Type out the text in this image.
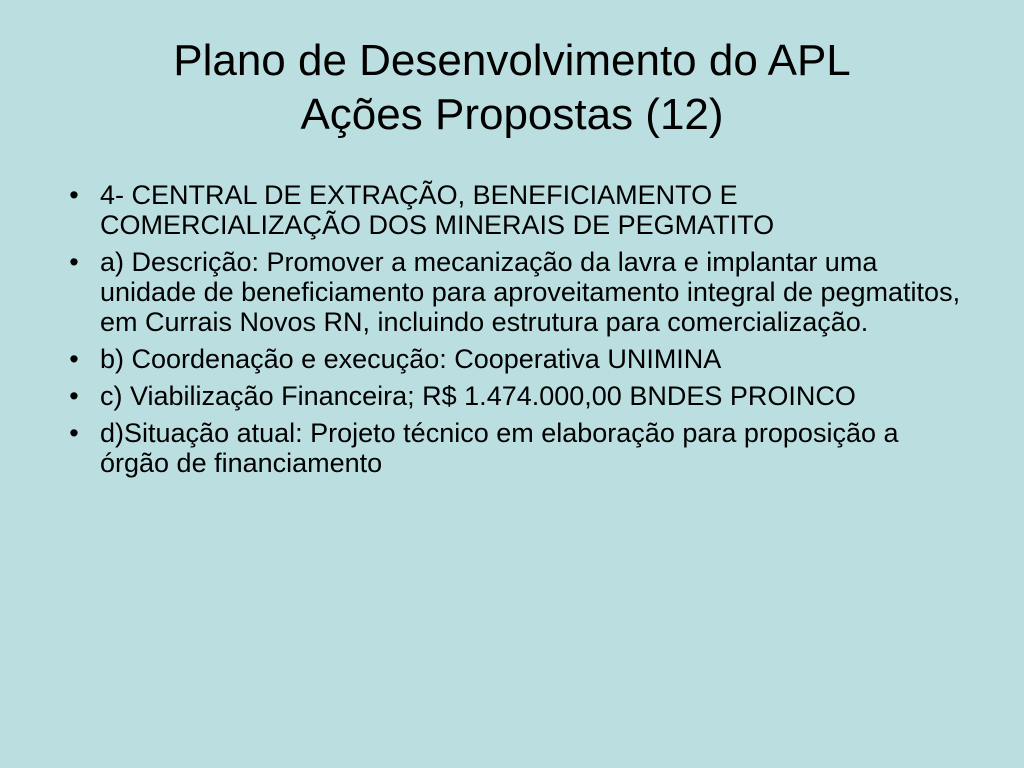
Plano de Desenvolvimento do APL
Ações Propostas (12)
• 4- CENTRAL DE EXTRAÇÃO, BENEFICIAMENTO E COMERCIALIZAÇÃO DOS MINERAIS DE PEGMATITO
• a) Descrição: Promover a mecanização da lavra e implantar uma unidade de beneficiamento para aproveitamento integral de pegmatitos, em Currais Novos RN, incluindo estrutura para comercialização.
• b) Coordenação e execução: Cooperativa UNIMINA
• c) Viabilização Financeira; R$ 1.474.000,00 BNDES PROINCO
• d)Situação atual: Projeto técnico em elaboração para proposição a órgão de financiamento
